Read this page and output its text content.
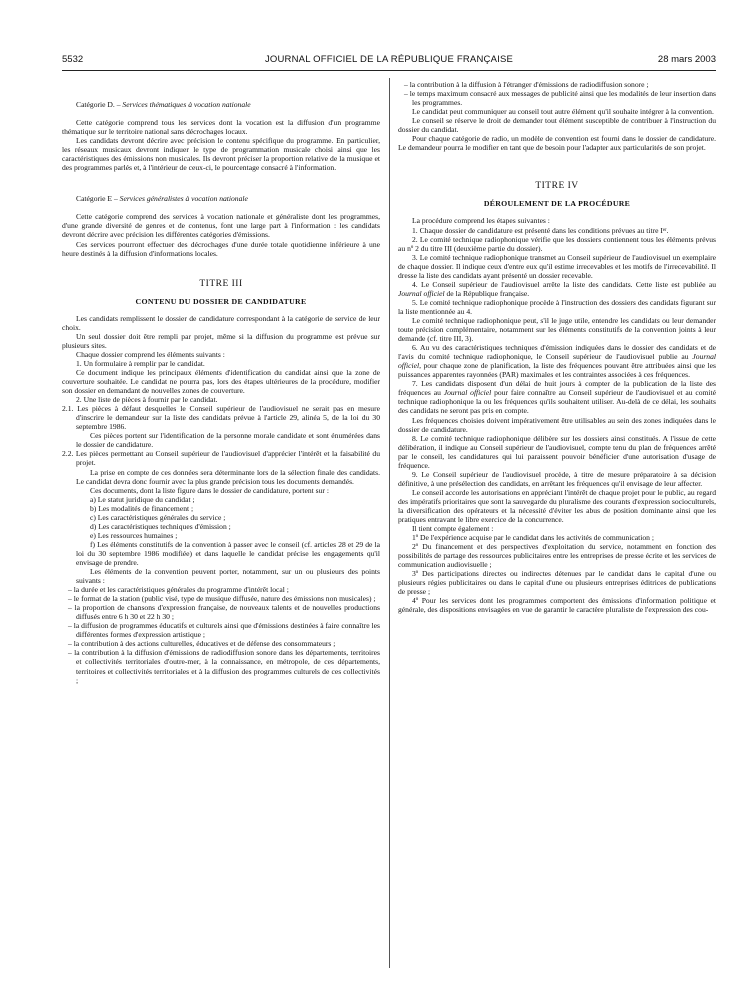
5532	JOURNAL OFFICIEL DE LA RÉPUBLIQUE FRANÇAISE	28 mars 2003

Catégorie D. – Services thématiques à vocation nationale

Cette catégorie comprend tous les services dont la vocation est la diffusion d'un programme thématique sur le territoire national sans décrochages locaux.

Les candidats devront décrire avec précision le contenu spécifique du programme. En particulier, les réseaux musicaux devront indiquer le type de programmation musicale choisi ainsi que les caractéristiques des émissions non musicales. Ils devront préciser la proportion relative de la musique et des programmes parlés et, à l'intérieur de ceux-ci, le pourcentage consacré à l'information.

Catégorie E – Services généralistes à vocation nationale

Cette catégorie comprend des services à vocation nationale et généraliste dont les programmes, d'une grande diversité de genres et de contenus, font une large part à l'information : les candidats devront décrire avec précision les différentes catégories d'émissions.

Ces services pourront effectuer des décrochages d'une durée totale quotidienne inférieure à une heure destinés à la diffusion d'informations locales.

TITRE III
CONTENU DU DOSSIER DE CANDIDATURE

Les candidats remplissent le dossier de candidature correspondant à la catégorie de service de leur choix.

Un seul dossier doit être rempli par projet, même si la diffusion du programme est prévue sur plusieurs sites.

Chaque dossier comprend les éléments suivants :

1. Un formulaire à remplir par le candidat.

Ce document indique les principaux éléments d'identification du candidat ainsi que la zone de couverture souhaitée. Le candidat ne pourra pas, lors des étapes ultérieures de la procédure, modifier son dossier en demandant de nouvelles zones de couverture.

2. Une liste de pièces à fournir par le candidat.

2.1. Les pièces à défaut desquelles le Conseil supérieur de l'audiovisuel ne serait pas en mesure d'inscrire le demandeur sur la liste des candidats prévue à l'article 29, alinéa 5, de la loi du 30 septembre 1986.

Ces pièces portent sur l'identification de la personne morale candidate et sont énumérées dans le dossier de candidature.

2.2. Les pièces permettant au Conseil supérieur de l'audiovisuel d'apprécier l'intérêt et la faisabilité du projet.

La prise en compte de ces données sera déterminante lors de la sélection finale des candidats. Le candidat devra donc fournir avec la plus grande précision tous les documents demandés.

Ces documents, dont la liste figure dans le dossier de candidature, portent sur :

a) Le statut juridique du candidat ;

b) Les modalités de financement ;

c) Les caractéristiques générales du service ;

d) Les caractéristiques techniques d'émission ;

e) Les ressources humaines ;

f) Les éléments constitutifs de la convention à passer avec le conseil (cf. articles 28 et 29 de la loi du 30 septembre 1986 modifiée) et dans laquelle le candidat précise les engagements qu'il envisage de prendre.

Les éléments de la convention peuvent porter, notamment, sur un ou plusieurs des points suivants :

– la durée et les caractéristiques générales du programme d'intérêt local ;

– le format de la station (public visé, type de musique diffusée, nature des émissions non musicales) ;

– la proportion de chansons d'expression française, de nouveaux talents et de nouvelles productions diffusés entre 6 h 30 et 22 h 30 ;

– la diffusion de programmes éducatifs et culturels ainsi que d'émissions destinées à faire connaître les différentes formes d'expression artistique ;

– la contribution à des actions culturelles, éducatives et de défense des consommateurs ;

– la contribution à la diffusion d'émissions de radiodiffusion sonore dans les départements, territoires et collectivités territoriales d'outre-mer, à la connaissance, en métropole, de ces départements, territoires et collectivités territoriales et à la diffusion des programmes culturels de ces collectivités ;

– la contribution à la diffusion à l'étranger d'émissions de radiodiffusion sonore ;

– le temps maximum consacré aux messages de publicité ainsi que les modalités de leur insertion dans les programmes.

Le candidat peut communiquer au conseil tout autre élément qu'il souhaite intégrer à la convention.

Le conseil se réserve le droit de demander tout élément susceptible de contribuer à l'instruction du dossier du candidat.

Pour chaque catégorie de radio, un modèle de convention est fourni dans le dossier de candidature. Le demandeur pourra le modifier en tant que de besoin pour l'adapter aux particularités de son projet.

TITRE IV
DÉROULEMENT DE LA PROCÉDURE

La procédure comprend les étapes suivantes :

1. Chaque dossier de candidature est présenté dans les conditions prévues au titre Iᵉʳ.

2. Le comité technique radiophonique vérifie que les dossiers contiennent tous les éléments prévus au nº 2 du titre III (deuxième partie du dossier).

3. Le comité technique radiophonique transmet au Conseil supérieur de l'audiovisuel un exemplaire de chaque dossier. Il indique ceux d'entre eux qu'il estime irrecevables et les motifs de l'irrecevabilité. Il dresse la liste des candidats ayant présenté un dossier recevable.

4. Le Conseil supérieur de l'audiovisuel arrête la liste des candidats. Cette liste est publiée au Journal officiel de la République française.

5. Le comité technique radiophonique procède à l'instruction des dossiers des candidats figurant sur la liste mentionnée au 4.

Le comité technique radiophonique peut, s'il le juge utile, entendre les candidats ou leur demander toute précision complémentaire, notamment sur les éléments constitutifs de la convention joints à leur demande (cf. titre III, 3).

6. Au vu des caractéristiques techniques d'émission indiquées dans le dossier des candidats et de l'avis du comité technique radiophonique, le Conseil supérieur de l'audiovisuel publie au Journal officiel, pour chaque zone de planification, la liste des fréquences pouvant être attribuées ainsi que les puissances apparentes rayonnées (PAR) maximales et les contraintes associées à ces fréquences.

7. Les candidats disposent d'un délai de huit jours à compter de la publication de la liste des fréquences au Journal officiel pour faire connaître au Conseil supérieur de l'audiovisuel et au comité technique radiophonique la ou les fréquences qu'ils souhaitent utiliser. Au-delà de ce délai, les souhaits des candidats ne seront pas pris en compte.

Les fréquences choisies doivent impérativement être utilisables au sein des zones indiquées dans le dossier de candidature.

8. Le comité technique radiophonique délibère sur les dossiers ainsi constitués. A l'issue de cette délibération, il indique au Conseil supérieur de l'audiovisuel, compte tenu du plan de fréquences arrêté par le conseil, les candidatures qui lui paraissent pouvoir bénéficier d'une autorisation d'usage de fréquence.

9. Le Conseil supérieur de l'audiovisuel procède, à titre de mesure préparatoire à sa décision définitive, à une présélection des candidats, en arrêtant les fréquences qu'il envisage de leur affecter.

Le conseil accorde les autorisations en appréciant l'intérêt de chaque projet pour le public, au regard des impératifs prioritaires que sont la sauvegarde du pluralisme des courants d'expression socioculturels, la diversification des opérateurs et la nécessité d'éviter les abus de position dominante ainsi que les pratiques entravant le libre exercice de la concurrence.

Il tient compte également :

1º De l'expérience acquise par le candidat dans les activités de communication ;

2º Du financement et des perspectives d'exploitation du service, notamment en fonction des possibilités de partage des ressources publicitaires entre les entreprises de presse écrite et les services de communication audiovisuelle ;

3º Des participations directes ou indirectes détenues par le candidat dans le capital d'une ou plusieurs régies publicitaires ou dans le capital d'une ou plusieurs entreprises éditrices de publications de presse ;

4º Pour les services dont les programmes comportent des émissions d'information politique et générale, des dispositions envisagées en vue de garantir le caractère pluraliste de l'expression des cou-
